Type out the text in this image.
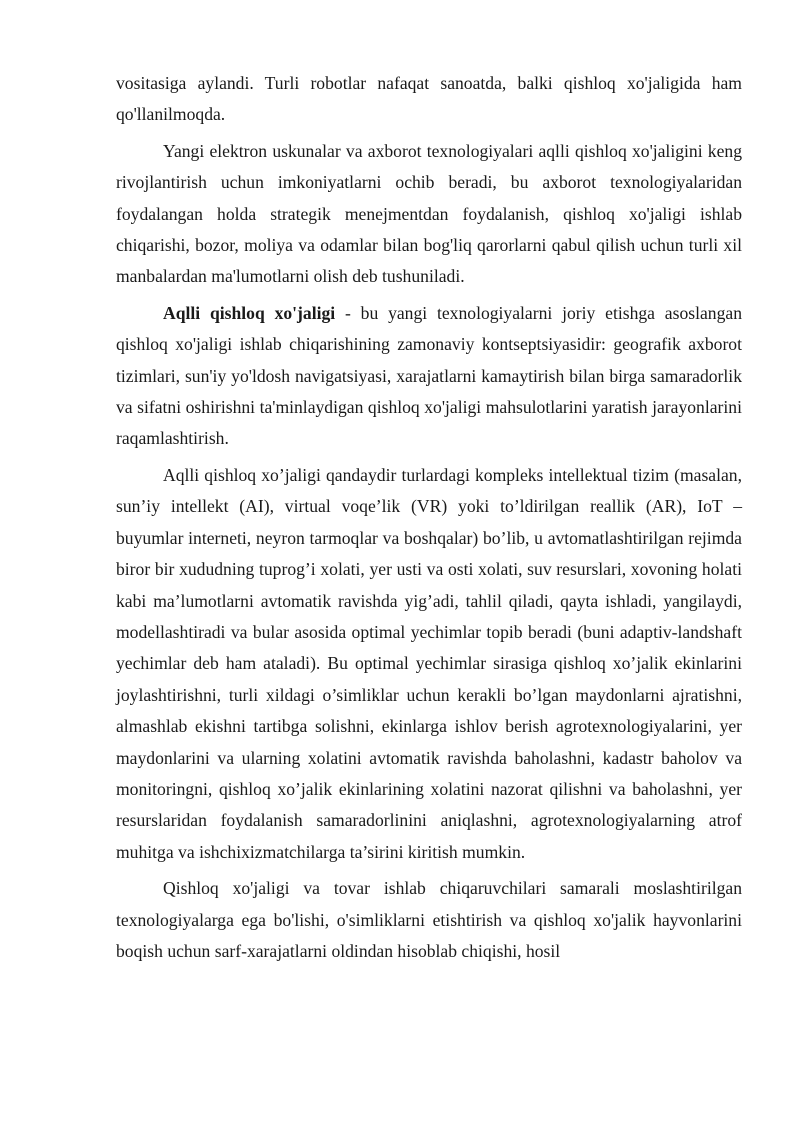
vositasiga aylandi. Turli robotlar nafaqat sanoatda, balki qishloq xo'jaligida ham qo'llanilmoqda.

Yangi elektron uskunalar va axborot texnologiyalari aqlli qishloq xo'jaligini keng rivojlantirish uchun imkoniyatlarni ochib beradi, bu axborot texnologiyalaridan foydalangan holda strategik menejmentdan foydalanish, qishloq xo'jaligi ishlab chiqarishi, bozor, moliya va odamlar bilan bog'liq qarorlarni qabul qilish uchun turli xil manbalardan ma'lumotlarni olish deb tushuniladi.

Aqlli qishloq xo'jaligi - bu yangi texnologiyalarni joriy etishga asoslangan qishloq xo'jaligi ishlab chiqarishining zamonaviy kontseptsiyasidir: geografik axborot tizimlari, sun'iy yo'ldosh navigatsiyasi, xarajatlarni kamaytirish bilan birga samaradorlik va sifatni oshirishni ta'minlaydigan qishloq xo'jaligi mahsulotlarini yaratish jarayonlarini raqamlashtirish.

Aqlli qishloq xo’jaligi qandaydir turlardagi kompleks intellektual tizim (masalan, sun’iy intellekt (AI), virtual voqe’lik (VR) yoki to’ldirilgan reallik (AR), IoT – buyumlar interneti, neyron tarmoqlar va boshqalar) bo’lib, u avtomatlashtirilgan rejimda biror bir xududning tuprog’i xolati, yer usti va osti xolati, suv resurslari, xovoning holati kabi ma’lumotlarni avtomatik ravishda yig’adi, tahlil qiladi, qayta ishladi, yangilaydi, modellashtiradi va bular asosida optimal yechimlar topib beradi (buni adaptiv-landshaft yechimlar deb ham ataladi). Bu optimal yechimlar sirasiga qishloq xo’jalik ekinlarini joylashtirishni, turli xildagi o’simliklar uchun kerakli bo’lgan maydonlarni ajratishni, almashlab ekishni tartibga solishni, ekinlarga ishlov berish agrotexnologiyalarini, yer maydonlarini va ularning xolatini avtomatik ravishda baholashni, kadastr baholov va monitoringni, qishloq xo’jalik ekinlarining xolatini nazorat qilishni va baholashni, yer resurslaridan foydalanish samaradorlinini aniqlashni, agrotexnologiyalarning atrof muhitga va ishchixizmatchilarga ta’sirini kiritish mumkin.

Qishloq xo'jaligi va tovar ishlab chiqaruvchilari samarali moslashtirilgan texnologiyalarga ega bo'lishi, o'simliklarni etishtirish va qishloq xo'jalik hayvonlarini boqish uchun sarf-xarajatlarni oldindan hisoblab chiqishi, hosil
